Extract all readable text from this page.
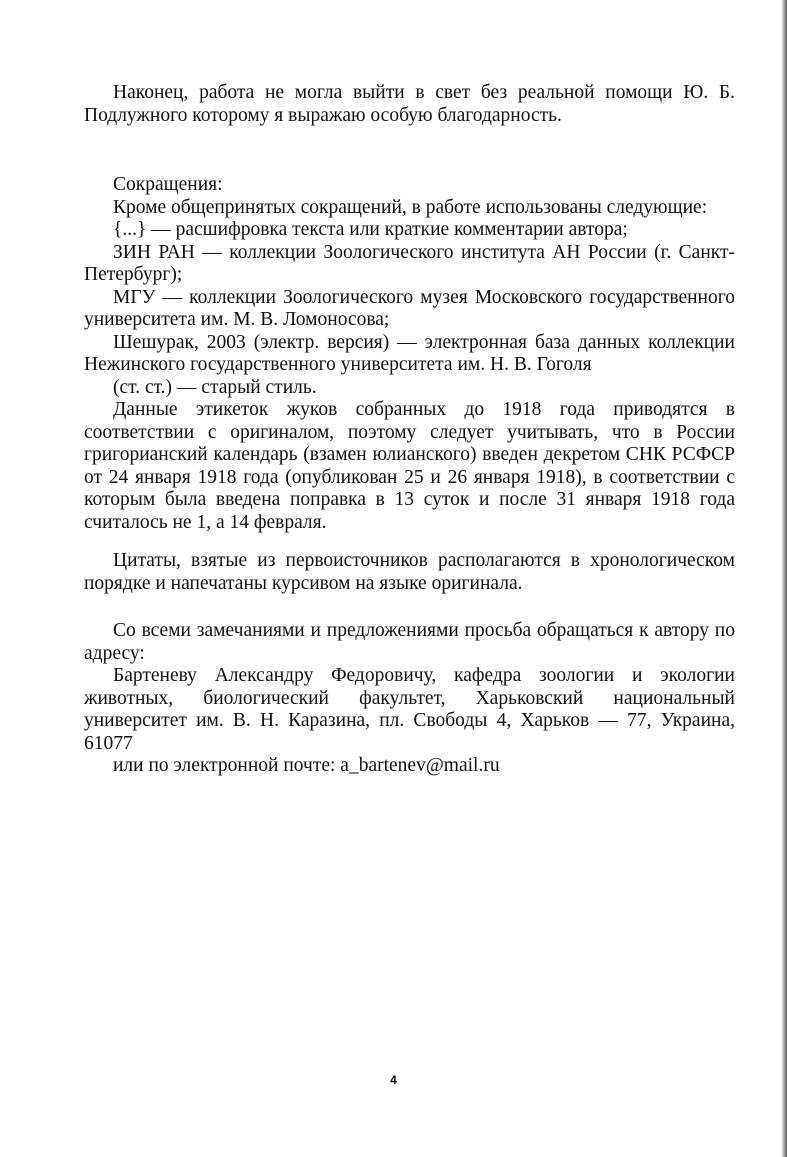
Наконец, работа не могла выйти в свет без реальной помощи Ю. Б. Подлужного которому я выражаю особую благодарность.

Сокращения:

Кроме общепринятых сокращений, в работе использованы следующие:

{...} — расшифровка текста или краткие комментарии автора;

ЗИН РАН — коллекции Зоологического института АН России (г. Санкт-Петербург);

МГУ — коллекции Зоологического музея Московского государственного университета им. М. В. Ломоносова;

Шешурак, 2003 (электр. версия) — электронная база данных коллекции Нежинского государственного университета им. Н. В. Гоголя

(ст. ст.) — старый стиль.

Данные этикеток жуков собранных до 1918 года приводятся в соответствии с оригиналом, поэтому следует учитывать, что в России григорианский календарь (взамен юлианского) введен декретом СНК РСФСР от 24 января 1918 года (опубликован 25 и 26 января 1918), в соответствии с которым была введена поправка в 13 суток и после 31 января 1918 года считалось не 1, а 14 февраля.

Цитаты, взятые из первоисточников располагаются в хронологическом порядке и напечатаны курсивом на языке оригинала.

Со всеми замечаниями и предложениями просьба обращаться к автору по адресу:

Бартеневу Александру Федоровичу, кафедра зоологии и экологии животных, биологический факультет, Харьковский национальный университет им. В. Н. Каразина, пл. Свободы 4, Харьков — 77, Украина, 61077

или по электронной почте: a_bartenev@mail.ru

4
